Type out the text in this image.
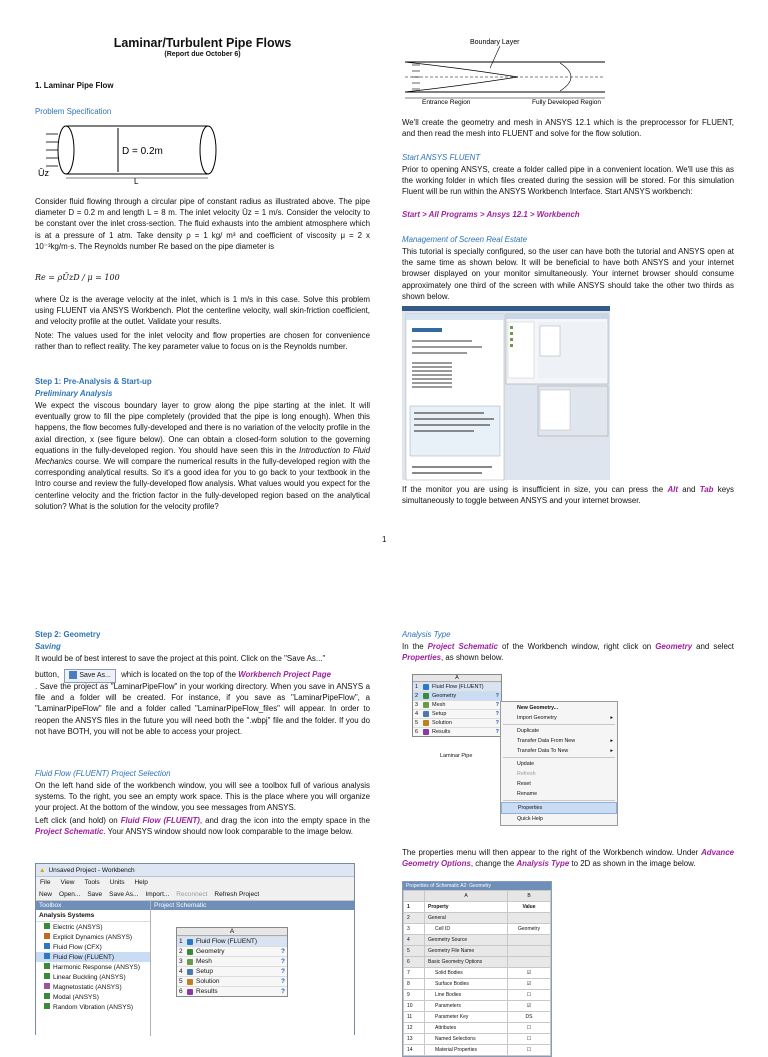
Laminar/Turbulent Pipe Flows
(Report due October 6)
1. Laminar Pipe Flow
Problem Specification
D = 0.2m
Ūz
L

Consider fluid flowing through a circular pipe of constant radius as illustrated above. The pipe diameter D = 0.2 m and length L = 8 m. The inlet velocity Ūz = 1 m/s. Consider the velocity to be constant over the inlet cross-section. The fluid exhausts into the ambient atmosphere which is at a pressure of 1 atm. Take density ρ = 1 kg/ m³ and coefficient of viscosity μ = 2 x 10⁻³kg/m·s. The Reynolds number Re based on the pipe diameter is

Re = ρŪzD / μ = 100

where Ūz is the average velocity at the inlet, which is 1 m/s in this case. Solve this problem using FLUENT via ANSYS Workbench. Plot the centerline velocity, wall skin-friction coefficient, and velocity profile at the outlet. Validate your results.

Note: The values used for the inlet velocity and flow properties are chosen for convenience rather than to reflect reality. The key parameter value to focus on is the Reynolds number.

Step 1: Pre-Analysis & Start-up
Preliminary Analysis

We expect the viscous boundary layer to grow along the pipe starting at the inlet. It will eventually grow to fill the pipe completely (provided that the pipe is long enough). When this happens, the flow becomes fully-developed and there is no variation of the velocity profile in the axial direction, x (see figure below). One can obtain a closed-form solution to the governing equations in the fully-developed region. You should have seen this in the Introduction to Fluid Mechanics course. We will compare the numerical results in the fully-developed region with the corresponding analytical results. So it's a good idea for you to go back to your textbook in the Intro course and review the fully-developed flow analysis. What values would you expect for the centerline velocity and the friction factor in the fully-developed region based on the analytical solution? What is the solution for the velocity profile?

Boundary Layer
Entrance Region	Fully Developed Region

We'll create the geometry and mesh in ANSYS 12.1 which is the preprocessor for FLUENT, and then read the mesh into FLUENT and solve for the flow solution.

Start ANSYS FLUENT

Prior to opening ANSYS, create a folder called pipe in a convenient location. We'll use this as the working folder in which files created during the session will be stored. For this simulation Fluent will be run within the ANSYS Workbench Interface. Start ANSYS workbench:

Start > All Programs > Ansys 12.1 > Workbench
Management of Screen Real Estate

This tutorial is specially configured, so the user can have both the tutorial and ANSYS open at the same time as shown below. It will be beneficial to have both ANSYS and your internet browser displayed on your monitor simultaneously. Your internet browser should consume approximately one third of the screen with while ANSYS should take the other two thirds as shown below.

If the monitor you are using is insufficient in size, you can press the Alt and Tab keys simultaneously to toggle between ANSYS and your internet browser.

1
Step 2: Geometry
Saving

It would be of best interest to save the project at this point. Click on the "Save As..."

button,	Save As... which is located on the top of the Workbench Project Page

. Save the project as "LaminarPipeFlow" in your working directory. When you save in ANSYS a file and a folder will be created. For instance, if you save as "LaminarPipeFlow", a "LaminarPipeFlow" file and a folder called "LaminarPipeFlow_files" will appear. In order to reopen the ANSYS files in the future you will need both the ".wbpj" file and the folder. If you do not have BOTH, you will not be able to access your project.

Fluid Flow (FLUENT) Project Selection

On the left hand side of the workbench window, you will see a toolbox full of various analysis systems. To the right, you see an empty work space. This is the place where you will organize your project. At the bottom of the window, you see messages from ANSYS.

Left click (and hold) on Fluid Flow (FLUENT), and drag the icon into the empty space in the Project Schematic. Your ANSYS window should now look comparable to the image below.

▲ Unsaved Project - Workbench
File View Tools Units Help
New Open... Save Save As... Import... Reconnect Refresh Project
Toolbox
Analysis Systems
Electric (ANSYS)
Explicit Dynamics (ANSYS)
Fluid Flow (CFX)
Fluid Flow (FLUENT)
Harmonic Response (ANSYS)
Linear Buckling (ANSYS)
Magnetostatic (ANSYS)
Modal (ANSYS)
Random Vibration (ANSYS)
Project Schematic
A
1	Fluid Flow (FLUENT)
2	Geometry	?
3	Mesh	?
4	Setup	?
5	Solution	?
6	Results	?
Analysis Type

In the Project Schematic of the Workbench window, right click on Geometry and select Properties, as shown below.

A
1	Fluid Flow (FLUENT)
2	Geometry	?
3	Mesh	?
4	Setup	?
5	Solution	?
6	Results	?
Laminar Pipe
New Geometry...
Import Geometry	▸
Duplicate
Transfer Data From New	▸
Transfer Data To New	▸
Update
Refresh
Reset
Rename
Properties
Quick Help

The properties menu will then appear to the right of the Workbench window. Under Advance Geometry Options, change the Analysis Type to 2D as shown in the image below.

Properties of Schematic A2: Geometry
	A	B
1	Property	Value
2	General	
3	Cell ID	Geometry
4	Geometry Source	
5	Geometry File Name	
6	Basic Geometry Options	
7	Solid Bodies	☑
8	Surface Bodies	☑
9	Line Bodies	☐
10	Parameters	☑
11	Parameter Key	DS
12	Attributes	☐
13	Named Selections	☐
14	Material Properties	☐
